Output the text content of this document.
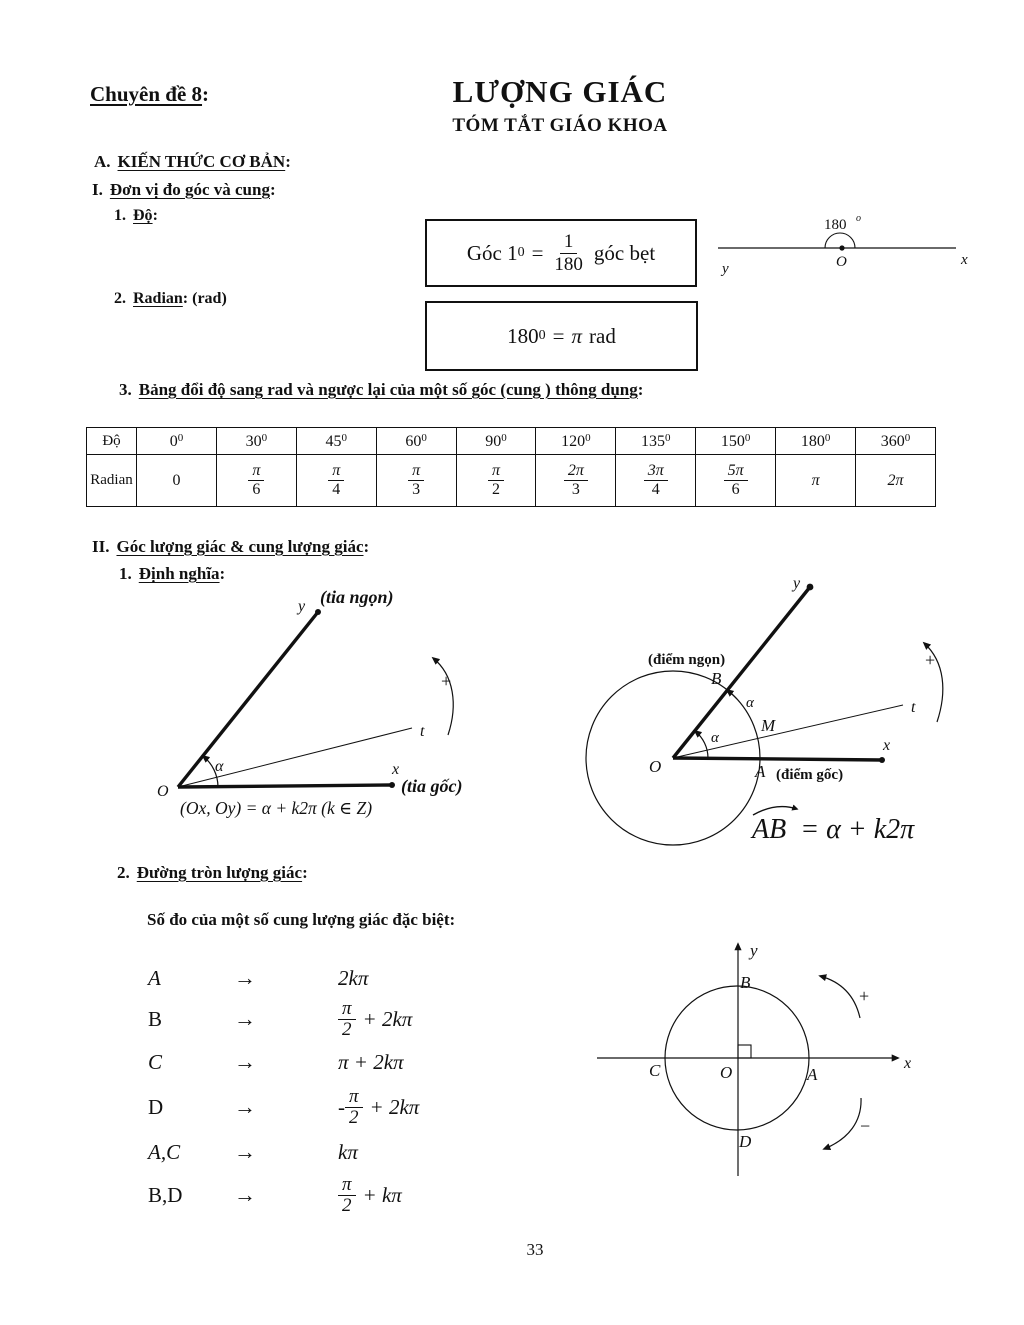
Chuyên đề 8:	LƯỢNG GIÁC
TÓM TẮT GIÁO KHOA
A. KIẾN THỨC CƠ BẢN:
I. Đơn vị đo góc và cung:
1. Độ:
2. Radian: (rad)
3. Bảng đổi độ sang rad và ngược lại của một số góc (cung ) thông dụng:
II. Góc lượng giác & cung lượng giác:
1. Định nghĩa:
2. Đường tròn lượng giác:
Số đo của một số cung lượng giác đặc biệt:
Góc 1 $0 = \frac{1}{180}$ góc bẹt
180 0 = π rad
180 o
y	O	x
Độ	$0^0$	$30^0$	$45^0$	$60^0$	$90^0$	$120^0$	$135^0$	$150^0$	$180^0$	$360^0$
Radian	0	$\frac{\pi}{6}$	$\frac{\pi}{4}$	$\frac{\pi}{3}$	$\frac{\pi}{2}$	$\frac{2\pi}{3}$	$\frac{3\pi}{4}$	$\frac{5\pi}{6}$	π	2π
y (tia ngọn)
α
O
x
(tia gốc)
t
+
(Ox, Oy) = α + k2π (k ∈ Z)
y
(điểm ngọn)
B
α
M
α
t
x
A (điểm gốc)
O
+
AB = α + k2π
A	→	2kπ
B	→	$\frac{\pi}{2} + 2k\pi$
C	→	π + 2kπ
D	→	- $\frac{\pi}{2} + 2k\pi$
A,C	→	kπ
B,D	→	$\frac{\pi}{2} + k\pi$
y
B
C	O	A
D
x
+
−
33
